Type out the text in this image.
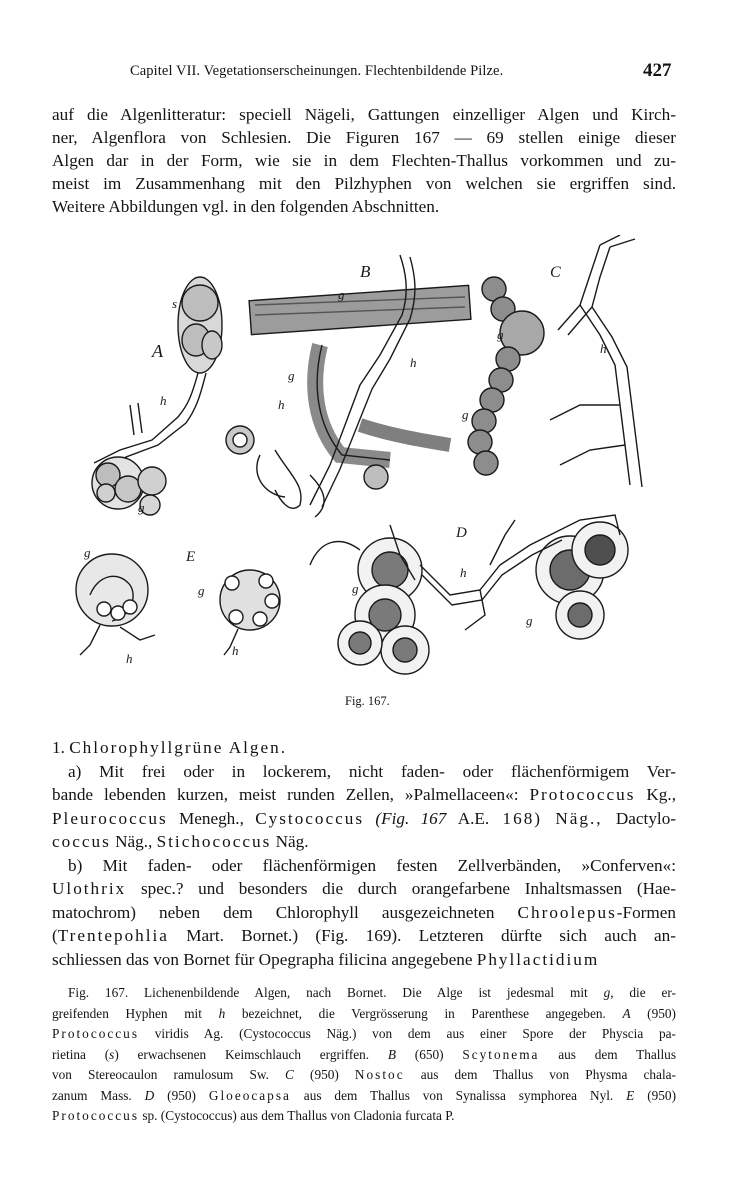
Capitel VII. Vegetationserscheinungen. Flechtenbildende Pilze.	427
auf die Algenlitteratur: speciell Nägeli, Gattungen einzelliger Algen und Kirch-
ner, Algenflora von Schlesien. Die Figuren 167 — 69 stellen einige dieser
Algen dar in der Form, wie sie in dem Flechten-Thallus vorkommen und zu-
meist im Zusammenhang mit den Pilzhyphen von welchen sie ergriffen sind.
Weitere Abbildungen vgl. in den folgenden Abschnitten.
A
B	C
D
E
s
h
g
g
g
h
h
g
g
h
g
g
h
h
g
h
g
Fig. 167.
1. Chlorophyllgrüne Algen.
a) Mit frei oder in lockerem, nicht faden- oder flächenförmigem Ver-
bande lebenden kurzen, meist runden Zellen, »Palmellaceen«: Protococcus Kg.,
Pleurococcus Menegh., Cystococcus (Fig. 167 A.E. 168) Näg., Dactylo-
coccus Näg., Stichococcus Näg.
b) Mit faden- oder flächenförmigen festen Zellverbänden, »Conferven«:
Ulothrix spec.? und besonders die durch orangefarbene Inhaltsmassen (Hae-
matochrom) neben dem Chlorophyll ausgezeichneten Chroolepus-Formen
(Trentepohlia Mart. Bornet.) (Fig. 169). Letzteren dürfte sich auch an-
schliessen das von Bornet für Opegrapha filicina angegebene Phyllactidium
Fig. 167. Lichenenbildende Algen, nach Bornet. Die Alge ist jedesmal mit g, die er-
greifenden Hyphen mit h bezeichnet, die Vergrösserung in Parenthese angegeben. A (950)
Protococcus viridis Ag. (Cystococcus Näg.) von dem aus einer Spore der Physcia pa-
rietina (s) erwachsenen Keimschlauch ergriffen. B (650) Scytonema aus dem Thallus
von Stereocaulon ramulosum Sw. C (950) Nostoc aus dem Thallus von Physma chala-
zanum Mass. D (950) Gloeocapsa aus dem Thallus von Synalissa symphorea Nyl. E (950)
Protococcus sp. (Cystococcus) aus dem Thallus von Cladonia furcata P.
